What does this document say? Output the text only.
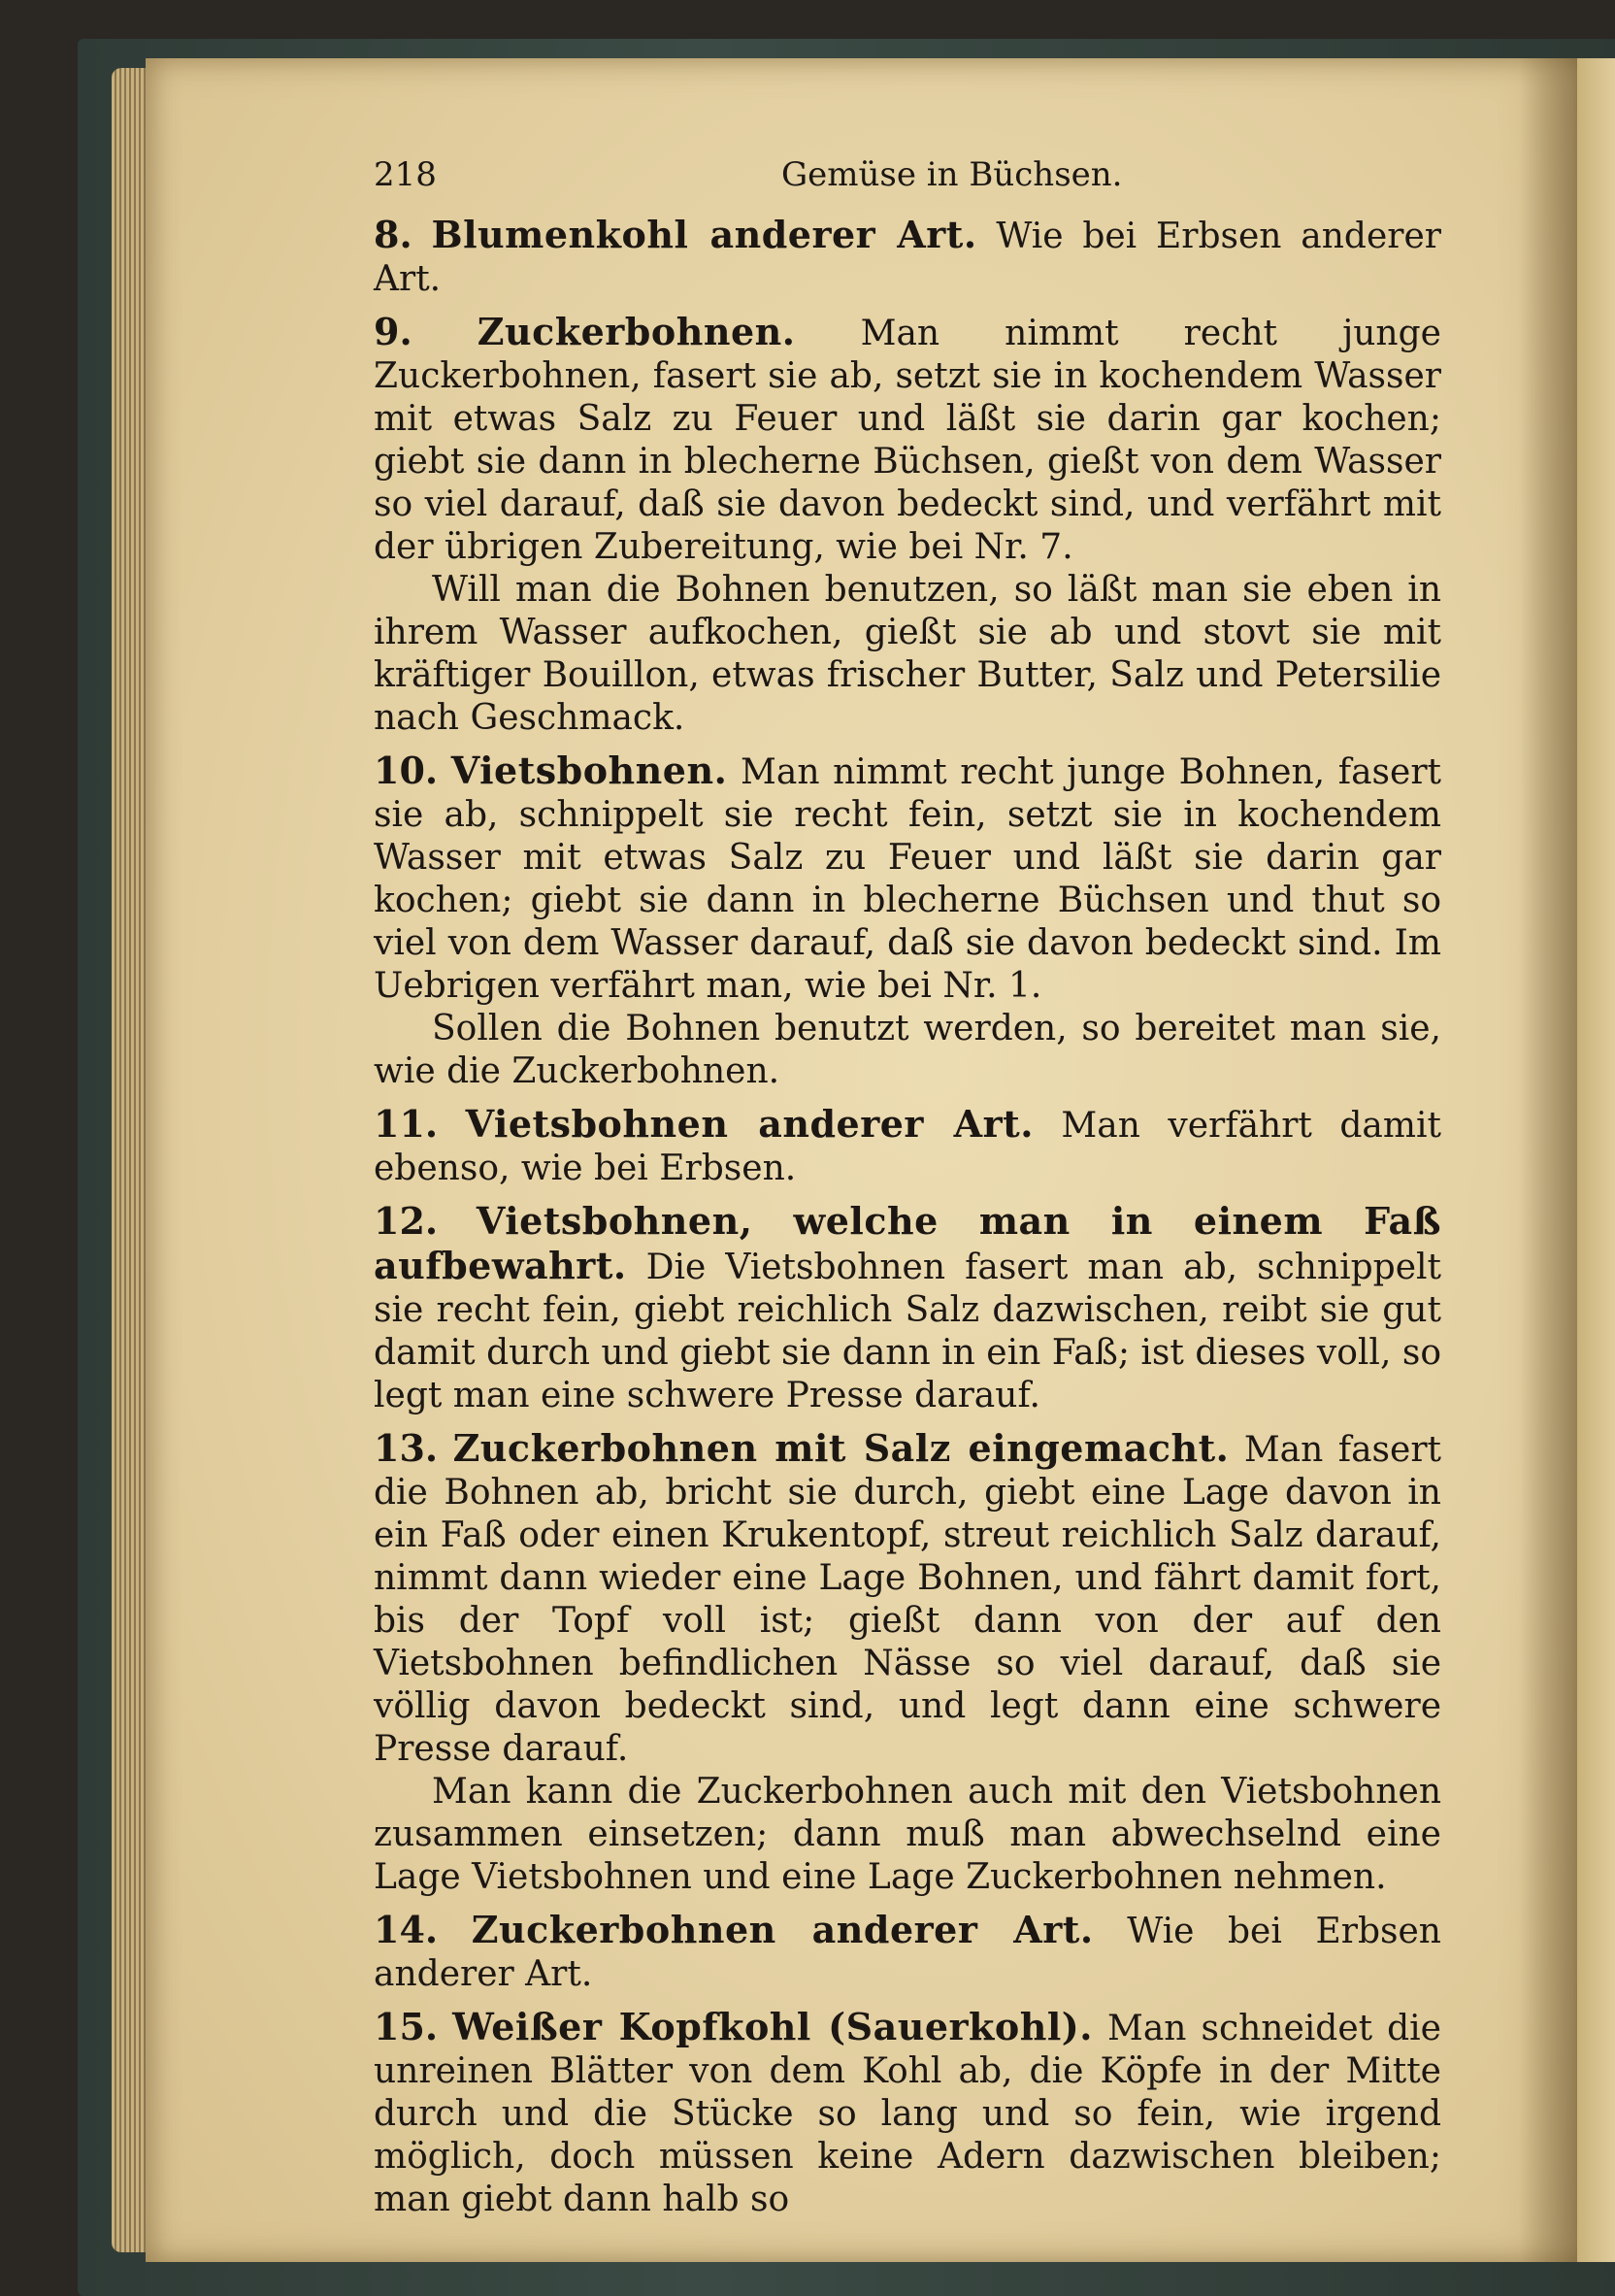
218	Gemüse in Büchsen.

8. Blumenkohl anderer Art. Wie bei Erbsen anderer Art.

9. Zuckerbohnen. Man nimmt recht junge Zuckerbohnen, fasert sie ab, setzt sie in kochendem Wasser mit etwas Salz zu Feuer und läßt sie darin gar kochen; giebt sie dann in blecherne Büchsen, gießt von dem Wasser so viel darauf, daß sie davon bedeckt sind, und verfährt mit der übrigen Zubereitung, wie bei Nr. 7.

Will man die Bohnen benutzen, so läßt man sie eben in ihrem Wasser aufkochen, gießt sie ab und stovt sie mit kräftiger Bouillon, etwas frischer Butter, Salz und Petersilie nach Geschmack.

10. Vietsbohnen. Man nimmt recht junge Bohnen, fasert sie ab, schnippelt sie recht fein, setzt sie in kochendem Wasser mit etwas Salz zu Feuer und läßt sie darin gar kochen; giebt sie dann in blecherne Büchsen und thut so viel von dem Wasser darauf, daß sie davon bedeckt sind. Im Uebrigen verfährt man, wie bei Nr. 1.

Sollen die Bohnen benutzt werden, so bereitet man sie, wie die Zuckerbohnen.

11. Vietsbohnen anderer Art. Man verfährt damit ebenso, wie bei Erbsen.

12. Vietsbohnen, welche man in einem Faß aufbewahrt. Die Vietsbohnen fasert man ab, schnippelt sie recht fein, giebt reichlich Salz dazwischen, reibt sie gut damit durch und giebt sie dann in ein Faß; ist dieses voll, so legt man eine schwere Presse darauf.

13. Zuckerbohnen mit Salz eingemacht. Man fasert die Bohnen ab, bricht sie durch, giebt eine Lage davon in ein Faß oder einen Krukentopf, streut reichlich Salz darauf, nimmt dann wieder eine Lage Bohnen, und fährt damit fort, bis der Topf voll ist; gießt dann von der auf den Vietsbohnen befindlichen Nässe so viel darauf, daß sie völlig davon bedeckt sind, und legt dann eine schwere Presse darauf.

Man kann die Zuckerbohnen auch mit den Vietsbohnen zusammen einsetzen; dann muß man abwechselnd eine Lage Vietsbohnen und eine Lage Zuckerbohnen nehmen.

14. Zuckerbohnen anderer Art. Wie bei Erbsen anderer Art.

15. Weißer Kopfkohl (Sauerkohl). Man schneidet die unreinen Blätter von dem Kohl ab, die Köpfe in der Mitte durch und die Stücke so lang und so fein, wie irgend möglich, doch müssen keine Adern dazwischen bleiben; man giebt dann halb so
